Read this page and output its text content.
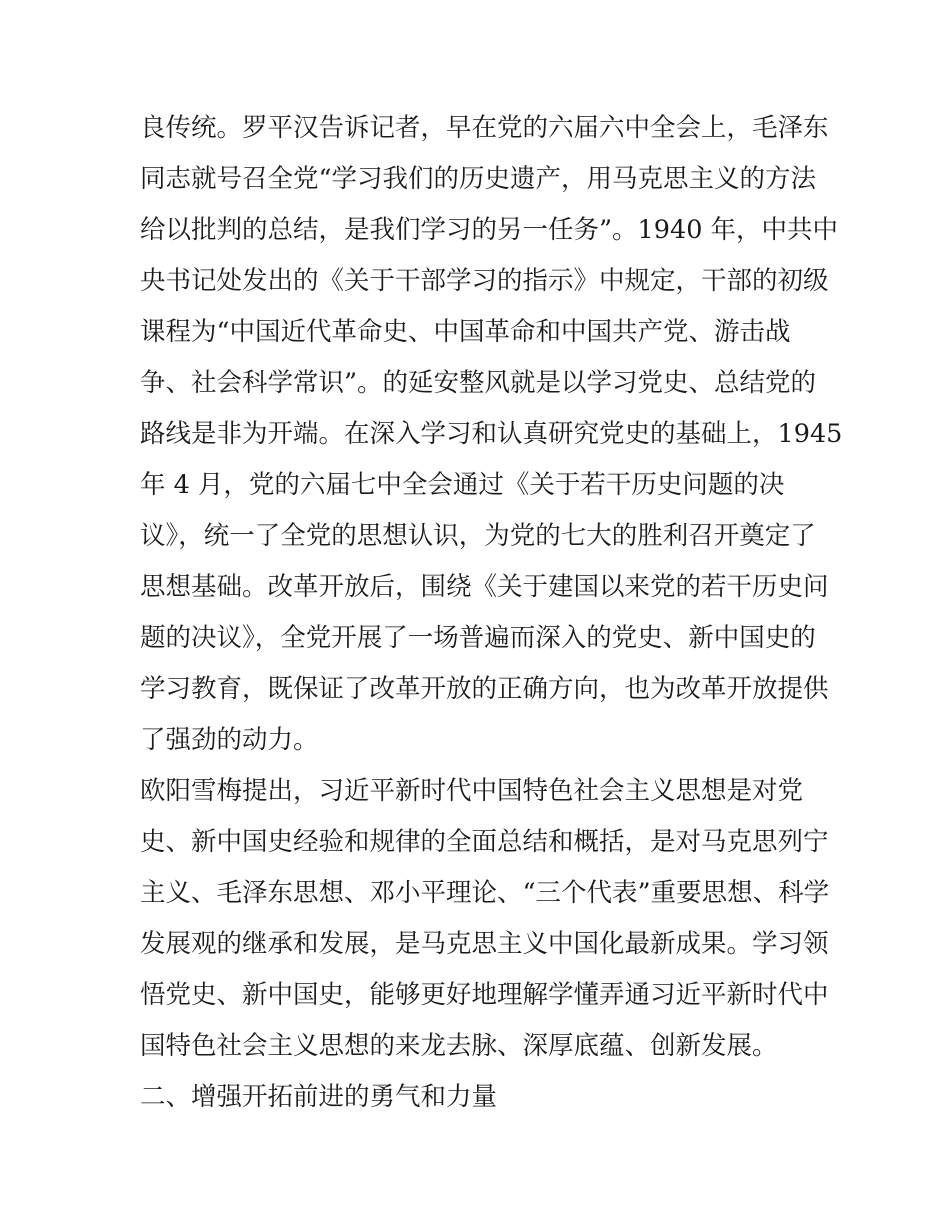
良传统。罗平汉告诉记者，早在党的六届六中全会上，毛泽东
同志就号召全党“学习我们的历史遗产，用马克思主义的方法
给以批判的总结，是我们学习的另一任务”。1940 年，中共中
央书记处发出的《关于干部学习的指示》中规定，干部的初级
课程为“中国近代革命史、中国革命和中国共产党、游击战
争、社会科学常识”。的延安整风就是以学习党史、总结党的
路线是非为开端。在深入学习和认真研究党史的基础上，1945
年 4 月，党的六届七中全会通过《关于若干历史问题的决
议》，统一了全党的思想认识，为党的七大的胜利召开奠定了
思想基础。改革开放后，围绕《关于建国以来党的若干历史问
题的决议》，全党开展了一场普遍而深入的党史、新中国史的
学习教育，既保证了改革开放的正确方向，也为改革开放提供
了强劲的动力。
欧阳雪梅提出，习近平新时代中国特色社会主义思想是对党
史、新中国史经验和规律的全面总结和概括，是对马克思列宁
主义、毛泽东思想、邓小平理论、“三个代表”重要思想、科学
发展观的继承和发展，是马克思主义中国化最新成果。学习领
悟党史、新中国史，能够更好地理解学懂弄通习近平新时代中
国特色社会主义思想的来龙去脉、深厚底蕴、创新发展。
二、增强开拓前进的勇气和力量
